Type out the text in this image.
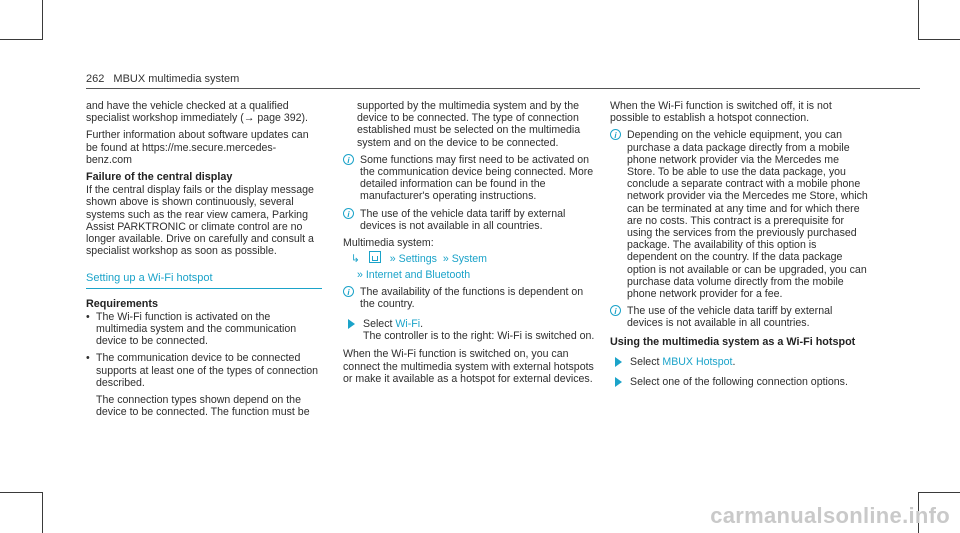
262 MBUX multimedia system

and have the vehicle checked at a qualified specialist workshop immediately (→ page 392).

Further information about software updates can be found at https://me.secure.mercedes-benz.com

Failure of the central display

If the central display fails or the display message shown above is shown continuously, several systems such as the rear view camera, Parking Assist PARKTRONIC or climate control are no longer available. Drive on carefully and consult a specialist workshop as soon as possible.

Setting up a Wi-Fi hotspot
Requirements
• The Wi-Fi function is activated on the multimedia system and the communication device to be connected.
• The communication device to be connected supports at least one of the types of connection described.
The connection types shown depend on the device to be connected. The function must be

supported by the multimedia system and by the device to be connected. The type of connection established must be selected on the multimedia system and on the device to be connected.

i Some functions may first need to be activated on the communication device being connected. More detailed information can be found in the manufacturer's operating instructions.
i The use of the vehicle data tariff by external devices is not available in all countries.

Multimedia system:

↳	» Settings » System
» Internet and Bluetooth
i The availability of the functions is dependent on the country.
Select Wi-Fi.
The controller is to the right: Wi-Fi is switched on.

When the Wi-Fi function is switched on, you can connect the multimedia system with external hotspots or make it available as a hotspot for external devices.

When the Wi-Fi function is switched off, it is not possible to establish a hotspot connection.

i Depending on the vehicle equipment, you can purchase a data package directly from a mobile phone network provider via the Mercedes me Store. To be able to use the data package, you conclude a separate contract with a mobile phone network provider via the Mercedes me Store, which can be terminated at any time and for which there are no costs. This contract is a prerequisite for using the services from the previously purchased package. The availability of this option is dependent on the country. If the data package option is not available or can be upgraded, you can purchase data volume directly from the mobile phone network provider for a fee.
i The use of the vehicle data tariff by external devices is not available in all countries.
Using the multimedia system as a Wi-Fi hotspot
Select MBUX Hotspot.
Select one of the following connection options.
carmanualsonline.info
